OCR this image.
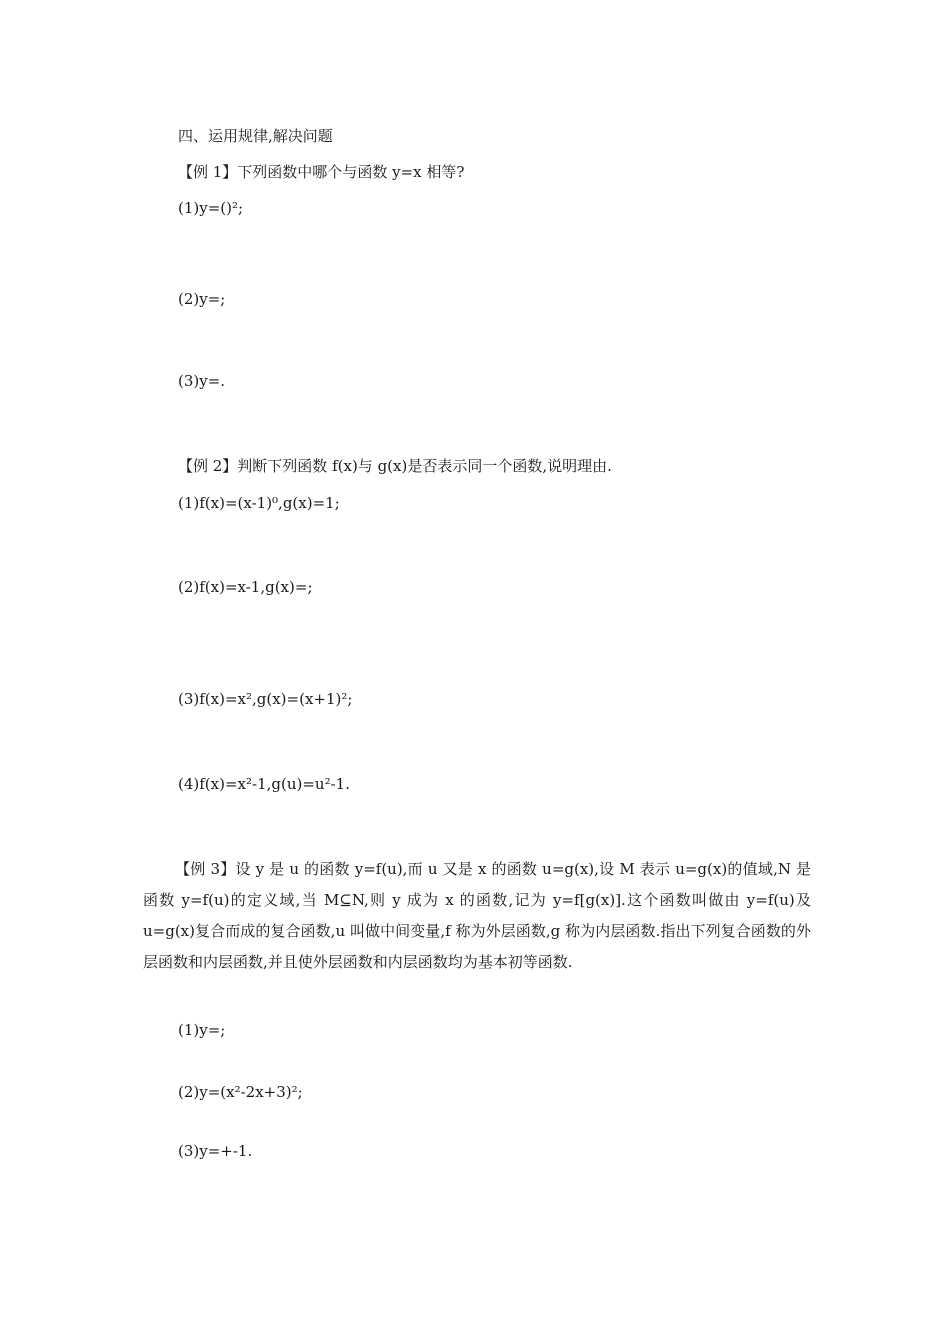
四、运用规律,解决问题
【例 1】下列函数中哪个与函数 y=x 相等?
(1)y=()²;
(2)y=;
(3)y=.
【例 2】判断下列函数 f(x)与 g(x)是否表示同一个函数,说明理由.
(1)f(x)=(x-1)⁰,g(x)=1;
(2)f(x)=x-1,g(x)=;
(3)f(x)=x²,g(x)=(x+1)²;
(4)f(x)=x²-1,g(u)=u²-1.

【例 3】设 y 是 u 的函数 y=f(u),而 u 又是 x 的函数 u=g(x),设 M 表示 u=g(x)的值域,N 是函数 y=f(u)的定义域,当 M⊆N,则 y 成为 x 的函数,记为 y=f[g(x)].这个函数叫做由 y=f(u)及 u=g(x)复合而成的复合函数,u 叫做中间变量,f 称为外层函数,g 称为内层函数.指出下列复合函数的外层函数和内层函数,并且使外层函数和内层函数均为基本初等函数.

(1)y=;
(2)y=(x²-2x+3)²;
(3)y=+-1.
